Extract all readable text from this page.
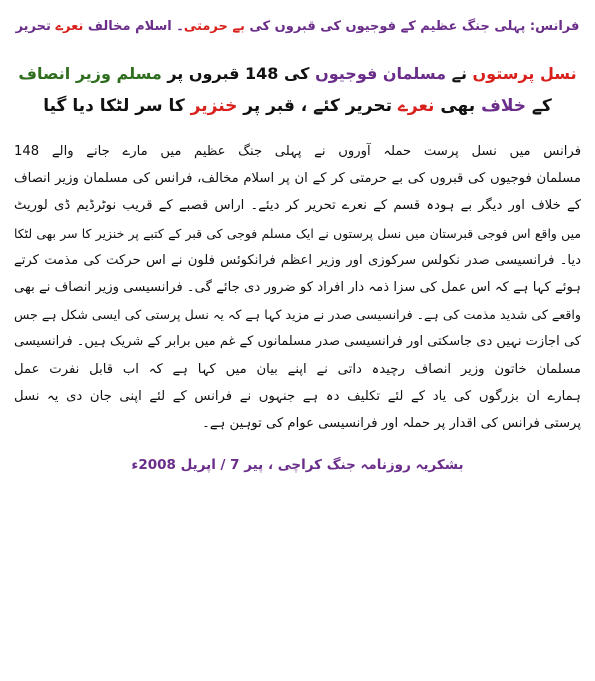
فرانس: پہلی جنگ عظیم کے فوجیوں کی قبروں کی بے حرمتی۔ اسلام مخالف نعرے تحریر

نسل پرستوں نے مسلمان فوجیوں کی 148 قبروں پر مسلم وزیر انصاف

کے خلاف بھی نعرے تحریر کئے ، قبر پر خنزیر کا سر لٹکا دیا گیا

فرانس میں نسل پرست حملہ آوروں نے پہلی جنگ عظیم میں مارے جانے والے 148
مسلمان فوجیوں کی قبروں کی بے حرمتی کر کے ان پر اسلام مخالف، فرانس کی مسلمان وزیر انصاف
کے خلاف اور دیگر بے ہودہ قسم کے نعرے تحریر کر دیئے۔ اراس قصبے کے قریب نوٹرڈیم ڈی لوریٹ
میں واقع اس فوجی قبرستان میں نسل پرستوں نے ایک مسلم فوجی کی قبر کے کتبے پر خنزیر کا سر بھی لٹکا
دیا۔ فرانسیسی صدر نکولس سرکوزی اور وزیر اعظم فرانکوئس فلون نے اس حرکت کی مذمت کرتے
ہوئے کہا ہے کہ اس عمل کی سزا ذمہ دار افراد کو ضرور دی جائے گی۔ فرانسیسی وزیر انصاف نے بھی
واقعے کی شدید مذمت کی ہے۔ فرانسیسی صدر نے مزید کہا ہے کہ یہ نسل پرستی کی ایسی شکل ہے جس
کی اجازت نہیں دی جاسکتی اور فرانسیسی صدر مسلمانوں کے غم میں برابر کے شریک ہیں۔ فرانسیسی
مسلمان خاتون وزیر انصاف رچیدہ داتی نے اپنے بیان میں کہا ہے کہ اب قابل نفرت عمل
ہمارے ان بزرگوں کی یاد کے لئے تکلیف دہ ہے جنہوں نے فرانس کے لئے اپنی جان دی یہ نسل
پرستی فرانس کی اقدار پر حملہ اور فرانسیسی عوام کی توہین ہے۔
بشکریہ روزنامہ جنگ کراچی ، پیر 7 / اپریل 2008ء
